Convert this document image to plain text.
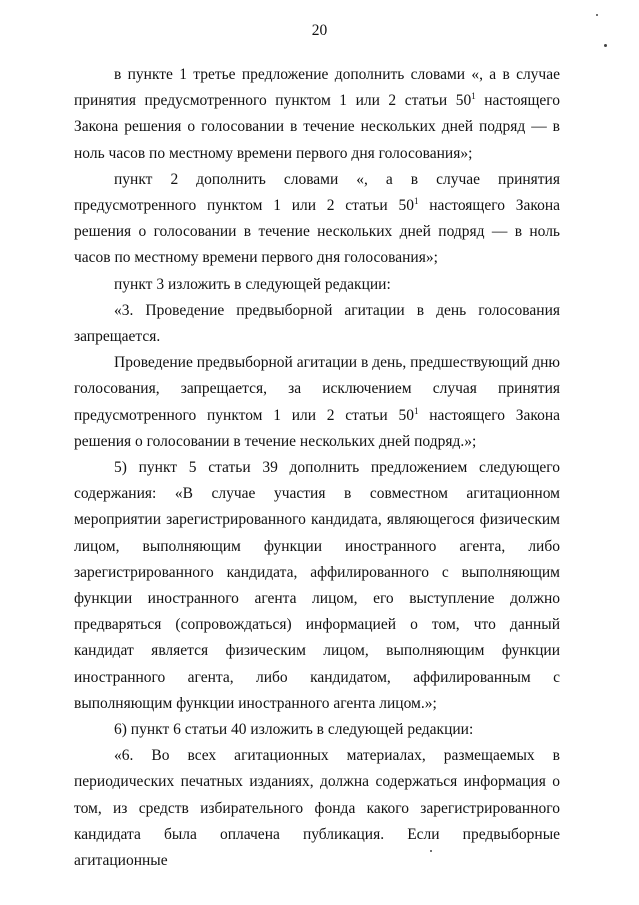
20

в пункте 1 третье предложение дополнить словами «, а в случае принятия предусмотренного пунктом 1 или 2 статьи $50^1$ настоящего Закона решения о голосовании в течение нескольких дней подряд — в ноль часов по местному времени первого дня голосования»;

пункт 2 дополнить словами «, а в случае принятия предусмотренного пунктом 1 или 2 статьи $50^1$ настоящего Закона решения о голосовании в течение нескольких дней подряд — в ноль часов по местному времени первого дня голосования»;

пункт 3 изложить в следующей редакции:

«3. Проведение предвыборной агитации в день голосования запрещается.

Проведение предвыборной агитации в день, предшествующий дню голосования, запрещается, за исключением случая принятия предусмотренного пунктом 1 или 2 статьи $50^1$ настоящего Закона решения о голосовании в течение нескольких дней подряд.»;

5) пункт 5 статьи 39 дополнить предложением следующего содержания: «В случае участия в совместном агитационном мероприятии зарегистрированного кандидата, являющегося физическим лицом, выполняющим функции иностранного агента, либо зарегистрированного кандидата, аффилированного с выполняющим функции иностранного агента лицом, его выступление должно предваряться (сопровождаться) информацией о том, что данный кандидат является физическим лицом, выполняющим функции иностранного агента, либо кандидатом, аффилированным с выполняющим функции иностранного агента лицом.»;

6) пункт 6 статьи 40 изложить в следующей редакции:

«6. Во всех агитационных материалах, размещаемых в периодических печатных изданиях, должна содержаться информация о том, из средств избирательного фонда какого зарегистрированного кандидата была оплачена публикация. Если предвыборные агитационные
